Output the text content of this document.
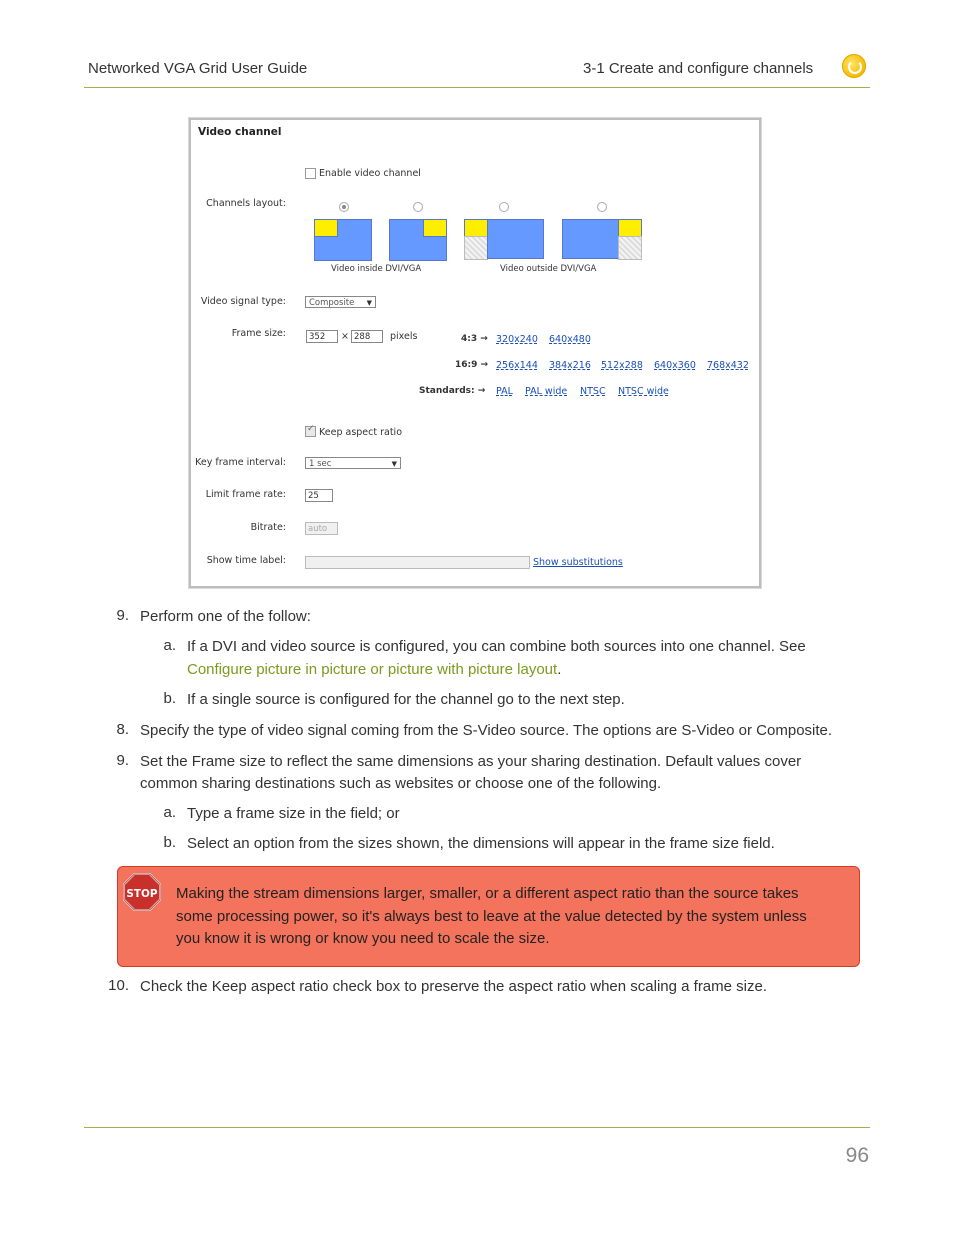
Networked VGA Grid User Guide	3-1 Create and configure channels
Video channel
Enable video channel
Channels layout:
Video inside DVI/VGA	Video outside DVI/VGA
Video signal type:	Composite ▼
Frame size:	352	× 288	pixels	4:3 → 320x240 640x480
16:9 → 256x144 384x216 512x288 640x360 768x432
Standards: → PAL PAL wide NTSC NTSC wide
✓ Keep aspect ratio
Key frame interval:	1 sec	▼
Limit frame rate:	25
Bitrate:	auto
Show time label:	Show substitutions
9. Perform one of the follow:
a. If a DVI and video source is configured, you can combine both sources into one channel. See
Configure picture in picture or picture with picture layout.
b. If a single source is configured for the channel go to the next step.
8. Specify the type of video signal coming from the S-Video source. The options are S-Video or Composite.
9. Set the Frame size to reflect the same dimensions as your sharing destination. Default values cover
common sharing destinations such as websites or choose one of the following.
a. Type a frame size in the field; or
b. Select an option from the sizes shown, the dimensions will appear in the frame size field.
STOP Making the stream dimensions larger, smaller, or a different aspect ratio than the source takes
some processing power, so it's always best to leave at the value detected by the system unless
you know it is wrong or know you need to scale the size.
10. Check the Keep aspect ratio check box to preserve the aspect ratio when scaling a frame size.
96
